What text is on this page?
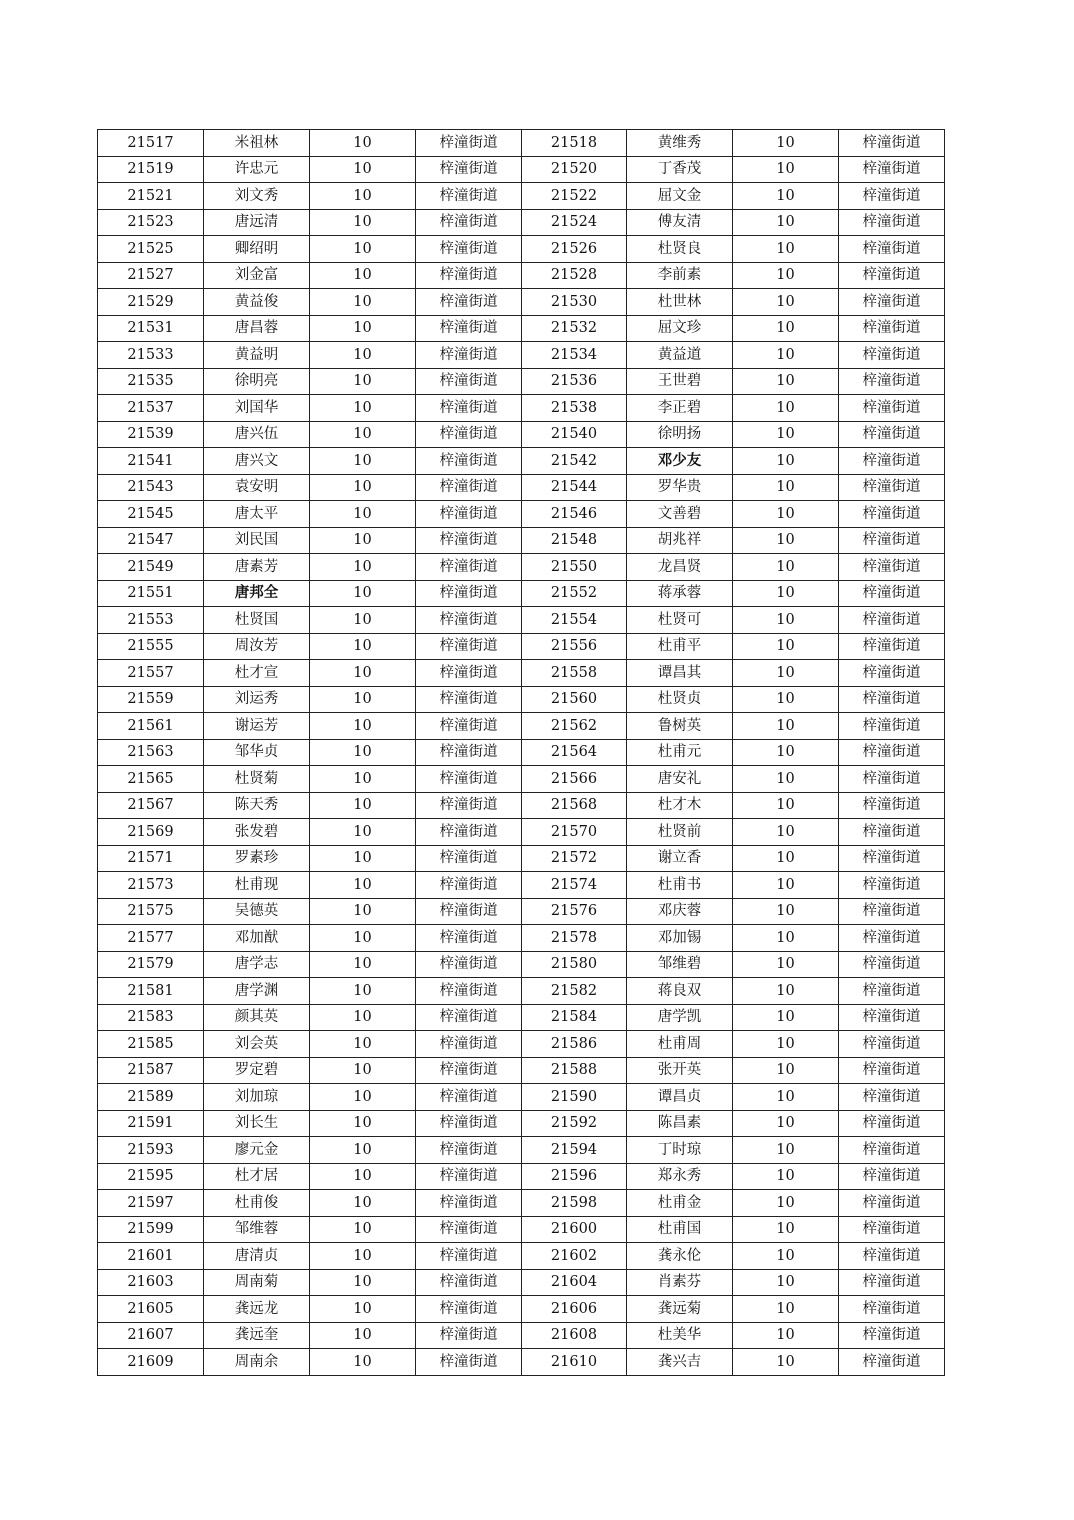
21517	米祖林	10	梓潼街道	21518	黄维秀	10	梓潼街道
21519	许忠元	10	梓潼街道	21520	丁香茂	10	梓潼街道
21521	刘文秀	10	梓潼街道	21522	屈文金	10	梓潼街道
21523	唐远清	10	梓潼街道	21524	傅友清	10	梓潼街道
21525	卿绍明	10	梓潼街道	21526	杜贤良	10	梓潼街道
21527	刘金富	10	梓潼街道	21528	李前素	10	梓潼街道
21529	黄益俊	10	梓潼街道	21530	杜世林	10	梓潼街道
21531	唐昌蓉	10	梓潼街道	21532	屈文珍	10	梓潼街道
21533	黄益明	10	梓潼街道	21534	黄益道	10	梓潼街道
21535	徐明亮	10	梓潼街道	21536	王世碧	10	梓潼街道
21537	刘国华	10	梓潼街道	21538	李正碧	10	梓潼街道
21539	唐兴伍	10	梓潼街道	21540	徐明扬	10	梓潼街道
21541	唐兴文	10	梓潼街道	21542	邓少友	10	梓潼街道
21543	袁安明	10	梓潼街道	21544	罗华贵	10	梓潼街道
21545	唐太平	10	梓潼街道	21546	文善碧	10	梓潼街道
21547	刘民国	10	梓潼街道	21548	胡兆祥	10	梓潼街道
21549	唐素芳	10	梓潼街道	21550	龙昌贤	10	梓潼街道
21551	唐邦全	10	梓潼街道	21552	蒋承蓉	10	梓潼街道
21553	杜贤国	10	梓潼街道	21554	杜贤可	10	梓潼街道
21555	周汝芳	10	梓潼街道	21556	杜甫平	10	梓潼街道
21557	杜才宣	10	梓潼街道	21558	谭昌其	10	梓潼街道
21559	刘运秀	10	梓潼街道	21560	杜贤贞	10	梓潼街道
21561	谢运芳	10	梓潼街道	21562	鲁树英	10	梓潼街道
21563	邹华贞	10	梓潼街道	21564	杜甫元	10	梓潼街道
21565	杜贤菊	10	梓潼街道	21566	唐安礼	10	梓潼街道
21567	陈天秀	10	梓潼街道	21568	杜才木	10	梓潼街道
21569	张发碧	10	梓潼街道	21570	杜贤前	10	梓潼街道
21571	罗素珍	10	梓潼街道	21572	谢立香	10	梓潼街道
21573	杜甫现	10	梓潼街道	21574	杜甫书	10	梓潼街道
21575	吴德英	10	梓潼街道	21576	邓庆蓉	10	梓潼街道
21577	邓加猷	10	梓潼街道	21578	邓加锡	10	梓潼街道
21579	唐学志	10	梓潼街道	21580	邹维碧	10	梓潼街道
21581	唐学渊	10	梓潼街道	21582	蒋良双	10	梓潼街道
21583	颜其英	10	梓潼街道	21584	唐学凯	10	梓潼街道
21585	刘会英	10	梓潼街道	21586	杜甫周	10	梓潼街道
21587	罗定碧	10	梓潼街道	21588	张开英	10	梓潼街道
21589	刘加琼	10	梓潼街道	21590	谭昌贞	10	梓潼街道
21591	刘长生	10	梓潼街道	21592	陈昌素	10	梓潼街道
21593	廖元金	10	梓潼街道	21594	丁时琼	10	梓潼街道
21595	杜才居	10	梓潼街道	21596	郑永秀	10	梓潼街道
21597	杜甫俊	10	梓潼街道	21598	杜甫金	10	梓潼街道
21599	邹维蓉	10	梓潼街道	21600	杜甫国	10	梓潼街道
21601	唐清贞	10	梓潼街道	21602	龚永伦	10	梓潼街道
21603	周南菊	10	梓潼街道	21604	肖素芬	10	梓潼街道
21605	龚远龙	10	梓潼街道	21606	龚远菊	10	梓潼街道
21607	龚远奎	10	梓潼街道	21608	杜美华	10	梓潼街道
21609	周南余	10	梓潼街道	21610	龚兴吉	10	梓潼街道
